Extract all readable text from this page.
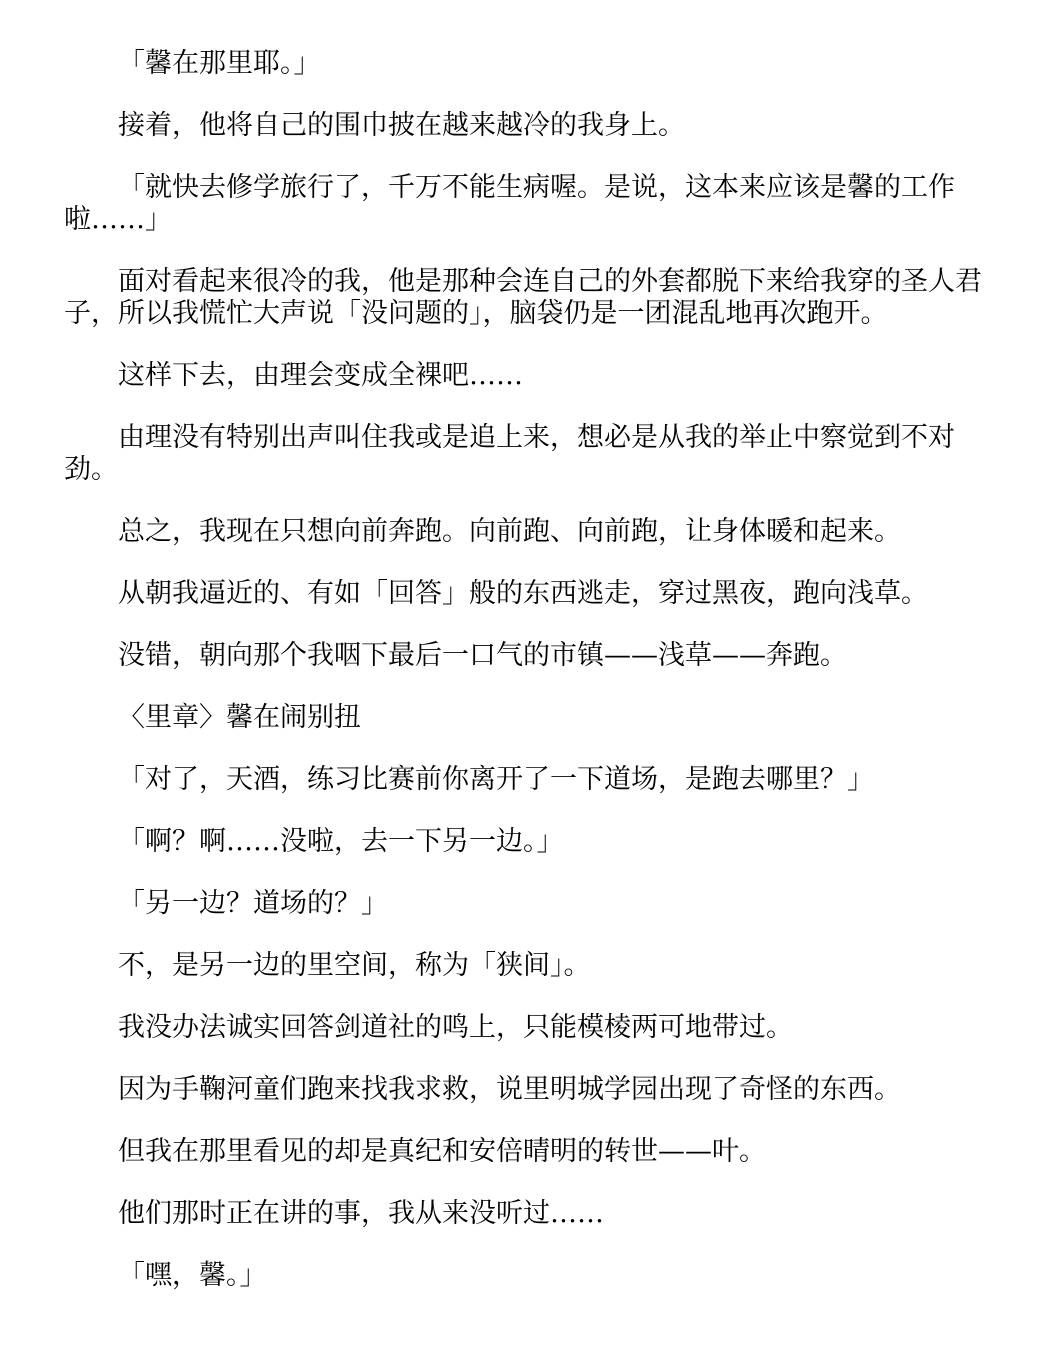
「馨在那里耶。」

接着，他将自己的围巾披在越来越冷的我身上。

「就快去修学旅行了，千万不能生病喔。是说，这本来应该是馨的工作啦……」

面对看起来很冷的我，他是那种会连自己的外套都脱下来给我穿的圣人君子，所以我慌忙大声说「没问题的」，脑袋仍是一团混乱地再次跑开。

这样下去，由理会变成全裸吧……

由理没有特别出声叫住我或是追上来，想必是从我的举止中察觉到不对劲。

总之，我现在只想向前奔跑。向前跑、向前跑，让身体暖和起来。

从朝我逼近的、有如「回答」般的东西逃走，穿过黑夜，跑向浅草。

没错，朝向那个我咽下最后一口气的市镇——浅草——奔跑。

〈里章〉馨在闹别扭

「对了，天酒，练习比赛前你离开了一下道场，是跑去哪里？」

「啊？啊……没啦，去一下另一边。」

「另一边？道场的？」

不，是另一边的里空间，称为「狭间」。

我没办法诚实回答剑道社的鸣上，只能模棱两可地带过。

因为手鞠河童们跑来找我求救，说里明城学园出现了奇怪的东西。

但我在那里看见的却是真纪和安倍晴明的转世——叶。

他们那时正在讲的事，我从来没听过……

「嘿，馨。」
